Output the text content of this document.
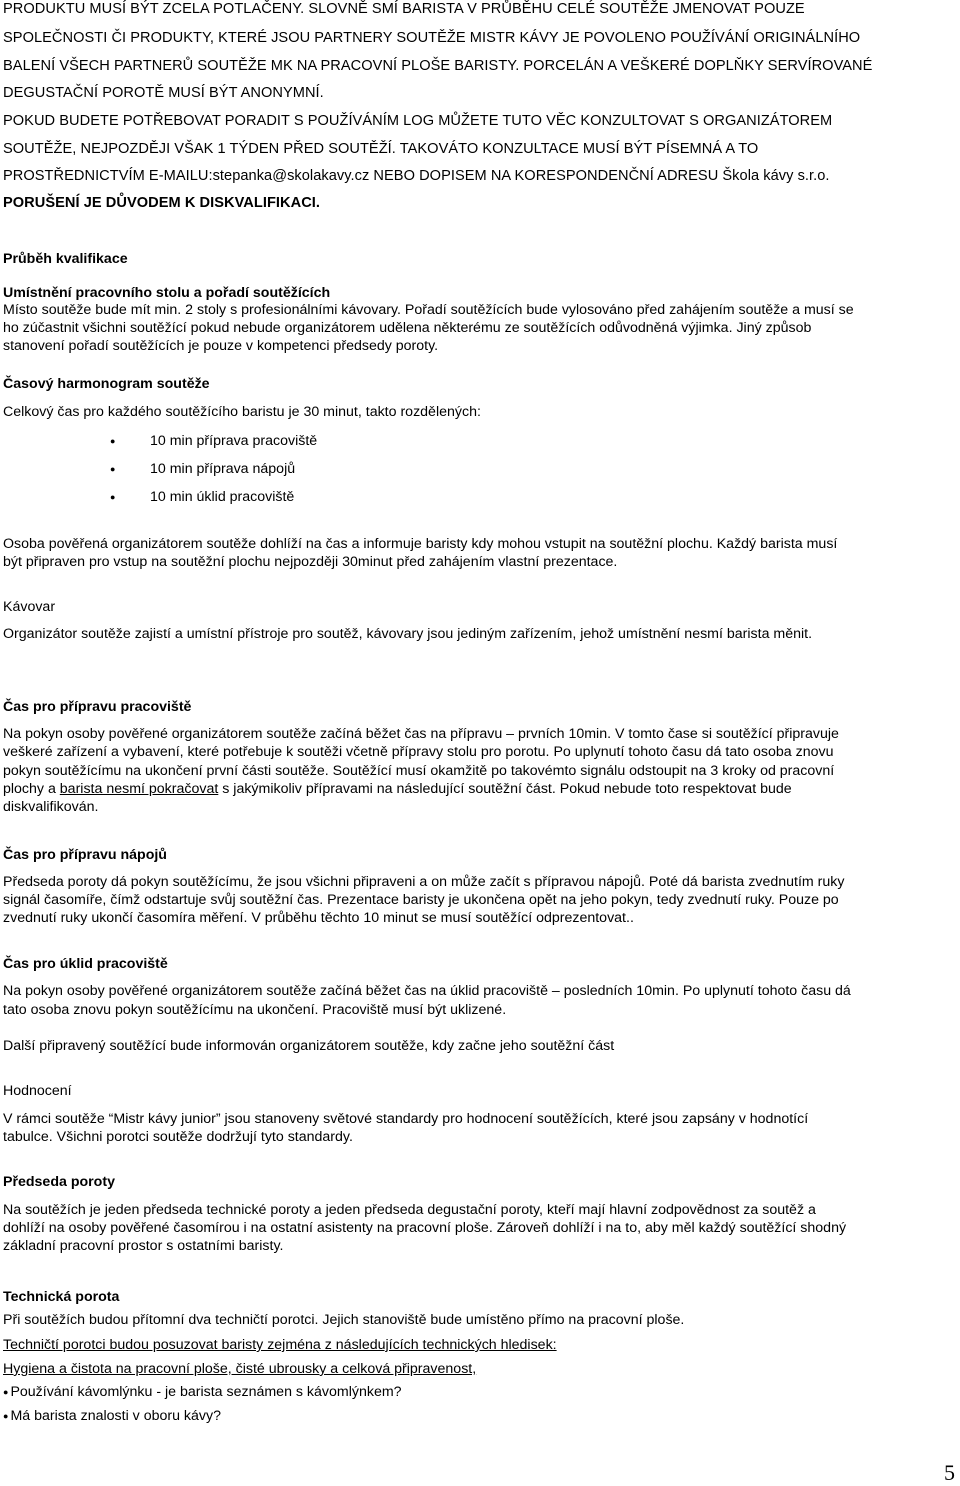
PRODUKTU MUSÍ BÝT ZCELA POTLAČENY. SLOVNĚ SMÍ BARISTA V PRŮBĚHU CELÉ SOUTĚŽE JMENOVAT POUZE

SPOLEČNOSTI ČI PRODUKTY, KTERÉ JSOU PARTNERY SOUTĚŽE MISTR KÁVY JE POVOLENO POUŽÍVÁNÍ ORIGINÁLNÍHO

BALENÍ VŠECH PARTNERŮ SOUTĚŽE MK NA PRACOVNÍ PLOŠE BARISTY. PORCELÁN A VEŠKERÉ DOPLŇKY SERVÍROVANÉ

DEGUSTAČNÍ POROTĚ MUSÍ BÝT ANONYMNÍ.

POKUD BUDETE POTŘEBOVAT PORADIT S POUŽÍVÁNÍM LOG MŮŽETE TUTO VĚC KONZULTOVAT S ORGANIZÁTOREM

SOUTĚŽE, NEJPOZDĚJI VŠAK 1 TÝDEN PŘED SOUTĚŽÍ. TAKOVÁTO KONZULTACE MUSÍ BÝT PÍSEMNÁ A TO

PROSTŘEDNICTVÍM E-MAILU:stepanka@skolakavy.cz NEBO DOPISEM NA KORESPONDENČNÍ ADRESU Škola kávy s.r.o.

PORUŠENÍ JE DŮVODEM K DISKVALIFIKACI.

Průběh kvalifikace

Umístnění pracovního stolu a pořadí soutěžících

Místo soutěže bude mít min. 2 stoly s profesionálními kávovary. Pořadí soutěžících bude vylosováno před zahájením soutěže a musí se

ho zúčastnit všichni soutěžící pokud nebude organizátorem udělena některému ze soutěžících odůvodněná výjimka. Jiný způsob

stanovení pořadí soutěžících je pouze v kompetenci předsedy poroty.

Časový harmonogram soutěže

Celkový čas pro každého soutěžícího baristu je 30 minut, takto rozdělených:

10 min příprava pracoviště
10 min příprava nápojů
10 min úklid pracoviště

Osoba pověřená organizátorem soutěže dohlíží na čas a informuje baristy kdy mohou vstupit na soutěžní plochu. Každý barista musí

být připraven pro vstup na soutěžní plochu nejpozději 30minut před zahájením vlastní prezentace.

Kávovar

Organizátor soutěže zajistí a umístní přístroje pro soutěž, kávovary jsou jediným zařízením, jehož umístnění nesmí barista měnit.

Čas pro přípravu pracoviště

Na pokyn osoby pověřené organizátorem soutěže začíná běžet čas na přípravu – prvních 10min. V tomto čase si soutěžící připravuje

veškeré zařízení a vybavení, které potřebuje k soutěži včetně přípravy stolu pro porotu. Po uplynutí tohoto času dá tato osoba znovu

pokyn soutěžícímu na ukončení první části soutěže. Soutěžící musí okamžitě po takovémto signálu odstoupit na 3 kroky od pracovní

plochy a barista nesmí pokračovat s jakýmikoliv přípravami na následující soutěžní část. Pokud nebude toto respektovat bude

diskvalifikován.

Čas pro přípravu nápojů

Předseda poroty dá pokyn soutěžícímu, že jsou všichni připraveni a on může začít s přípravou nápojů. Poté dá barista zvednutím ruky

signál časomíře, čímž odstartuje svůj soutěžní čas. Prezentace baristy je ukončena opět na jeho pokyn, tedy zvednutí ruky. Pouze po

zvednutí ruky ukončí časomíra měření. V průběhu těchto 10 minut se musí soutěžící odprezentovat..

Čas pro úklid pracoviště

Na pokyn osoby pověřené organizátorem soutěže začíná běžet čas na úklid pracoviště – posledních 10min. Po uplynutí tohoto času dá

tato osoba znovu pokyn soutěžícímu na ukončení. Pracoviště musí být uklizené.

Další připravený soutěžící bude informován organizátorem soutěže, kdy začne jeho soutěžní část

Hodnocení

V rámci soutěže “Mistr kávy junior” jsou stanoveny světové standardy pro hodnocení soutěžících, které jsou zapsány v hodnotící

tabulce. Všichni porotci soutěže dodržují tyto standardy.

Předseda poroty

Na soutěžích je jeden předseda technické poroty a jeden předseda degustační poroty, kteří mají hlavní zodpovědnost za soutěž a

dohlíží na osoby pověřené časomírou i na ostatní asistenty na pracovní ploše. Zároveň dohlíží i na to, aby měl každý soutěžící shodný

základní pracovní prostor s ostatními baristy.

Technická porota

Při soutěžích budou přítomní dva techničtí porotci. Jejich stanoviště bude umístěno přímo na pracovní ploše.

Techničtí porotci budou posuzovat baristy zejména z následujících technických hledisek:

Hygiena a čistota na pracovní ploše, čisté ubrousky a celková připravenost,

● Používání kávomlýnku - je barista seznámen s kávomlýnkem?
● Má barista znalosti v oboru kávy?
5
